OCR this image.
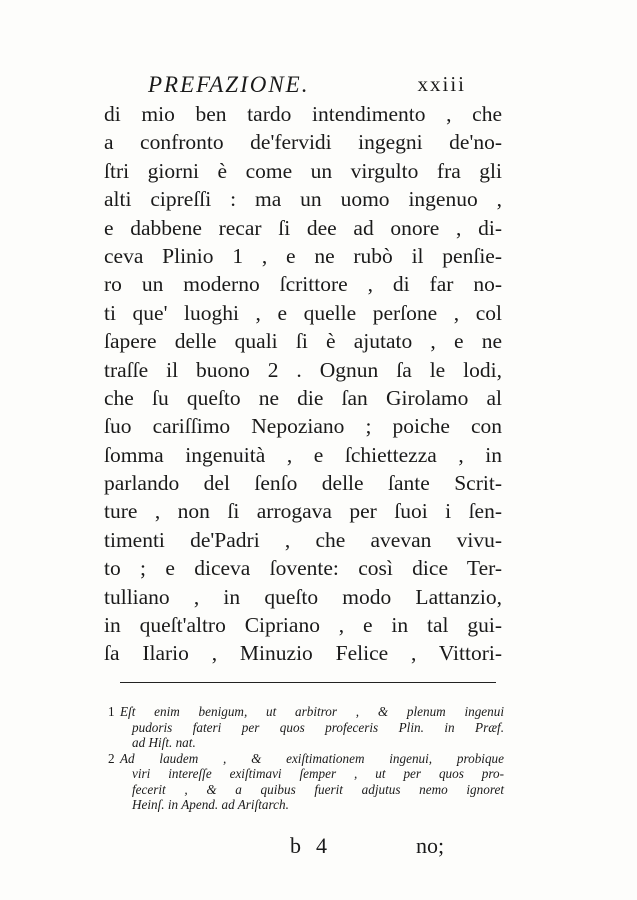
PREFAZIONE.	xxiii
di mio ben tardo intendimento , che
a confronto de'fervidi ingegni de'no-
ſtri giorni è come un virgulto fra gli
alti cipreſſi : ma un uomo ingenuo ,
e dabbene recar ſi dee ad onore , di-
ceva Plinio 1 , e ne rubò il penſie-
ro un moderno ſcrittore , di far no-
ti que' luoghi , e quelle perſone , col
ſapere delle quali ſi è ajutato , e ne
traſſe il buono 2 . Ognun ſa le lodi,
che ſu queſto ne die ſan Girolamo al
ſuo cariſſimo Nepoziano ; poiche con
ſomma ingenuità , e ſchiettezza , in
parlando del ſenſo delle ſante Scrit-
ture , non ſi arrogava per ſuoi i ſen-
timenti de'Padri , che avevan vivu-
to ; e diceva ſovente: così dice Ter-
tulliano , in queſto modo Lattanzio,
in queſt'altro Cipriano , e in tal gui-
ſa Ilario , Minuzio Felice , Vittori-
1 Eſt enim benigum, ut arbitror , & plenum ingenui
pudoris fateri per quos profeceris Plin. in Præf.
ad Hiſt. nat.
2 Ad laudem , & exiſtimationem ingenui, probique
viri intereſſe exiſtimavi ſemper , ut per quos pro-
fecerit , & a quibus fuerit adjutus nemo ignoret
Heinſ. in Apend. ad Ariſtarch.
b 4	no;
